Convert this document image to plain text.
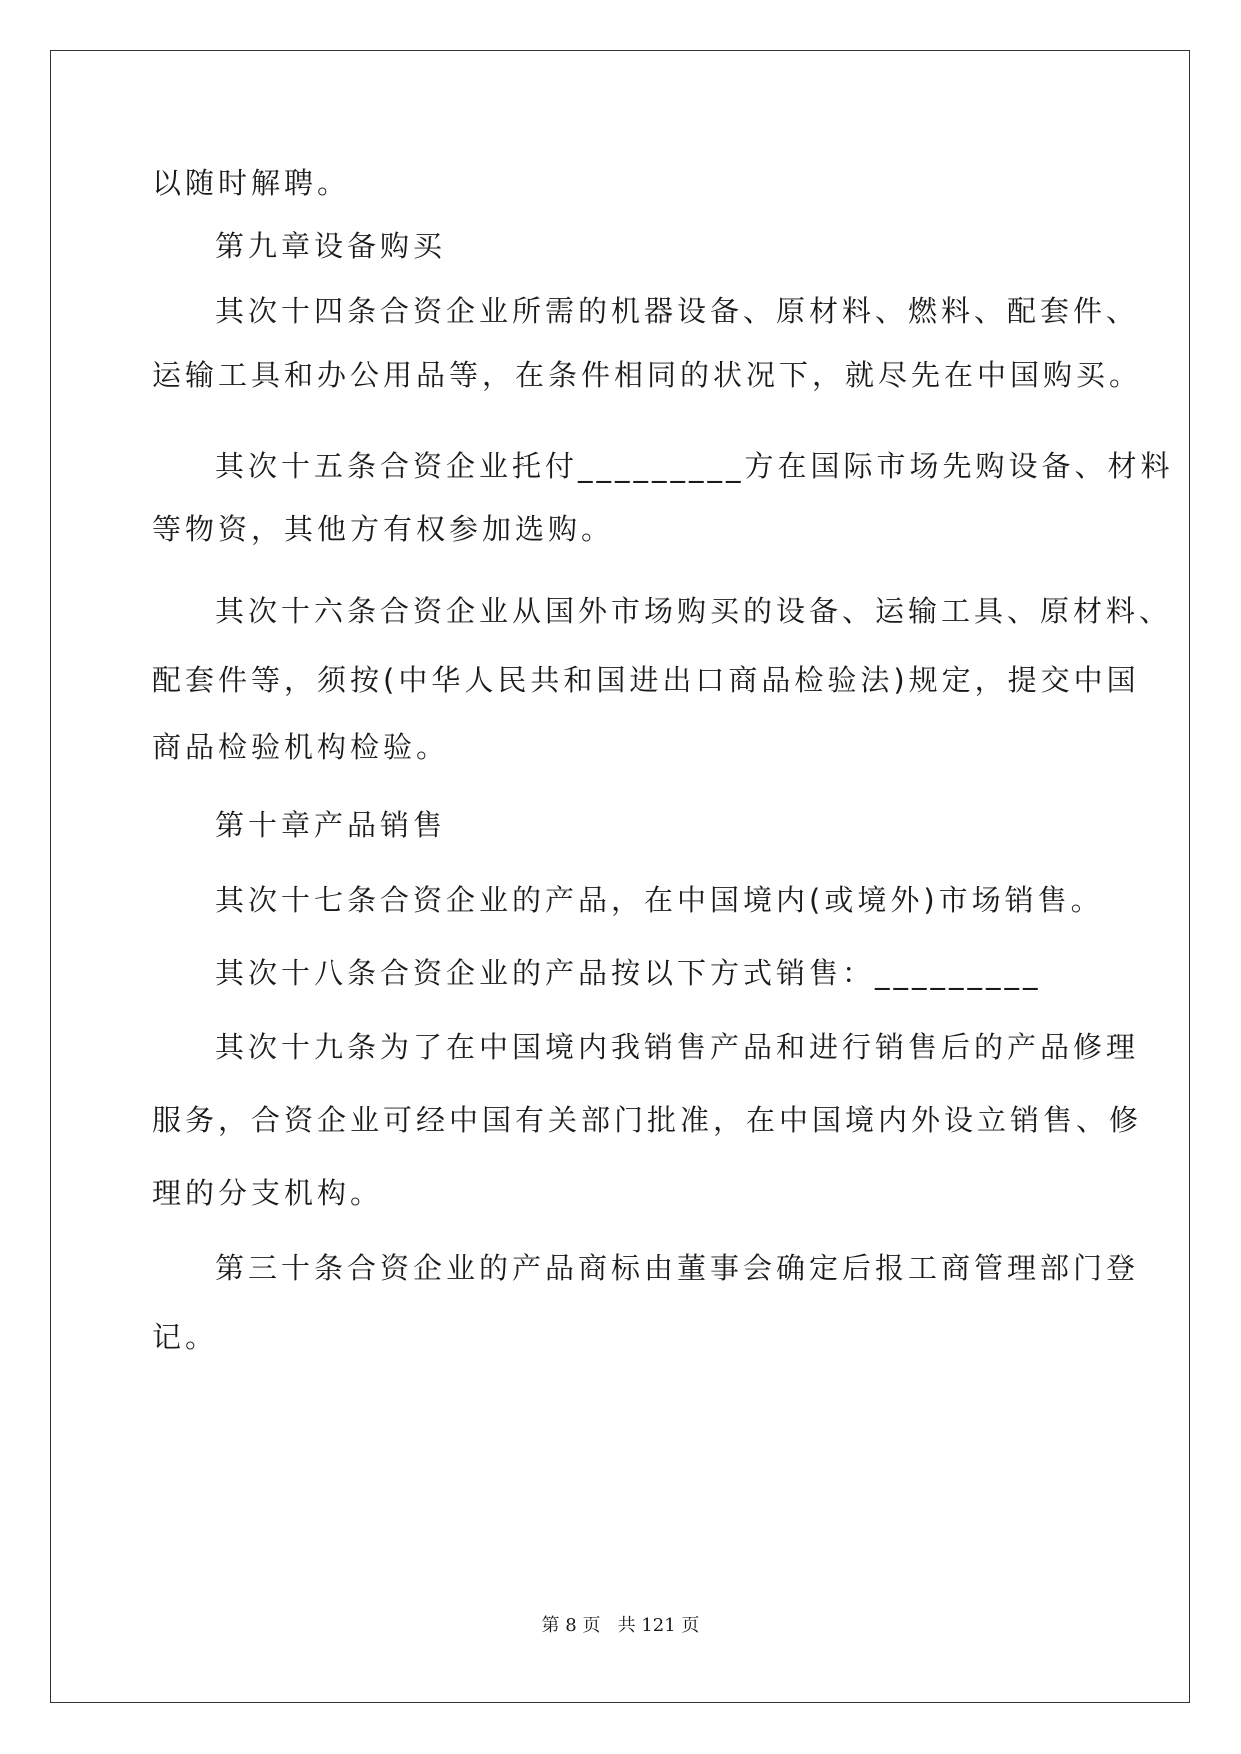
以随时解聘。
第九章设备购买
其次十四条合资企业所需的机器设备、原材料、燃料、配套件、
运输工具和办公用品等，在条件相同的状况下，就尽先在中国购买。
其次十五条合资企业托付_________方在国际市场先购设备、材料
等物资，其他方有权参加选购。
其次十六条合资企业从国外市场购买的设备、运输工具、原材料、
配套件等，须按(中华人民共和国进出口商品检验法)规定，提交中国
商品检验机构检验。
第十章产品销售
其次十七条合资企业的产品，在中国境内(或境外)市场销售。
其次十八条合资企业的产品按以下方式销售：_________
其次十九条为了在中国境内我销售产品和进行销售后的产品修理
服务，合资企业可经中国有关部门批准，在中国境内外设立销售、修
理的分支机构。
第三十条合资企业的产品商标由董事会确定后报工商管理部门登
记。
第 8 页 共 121 页
